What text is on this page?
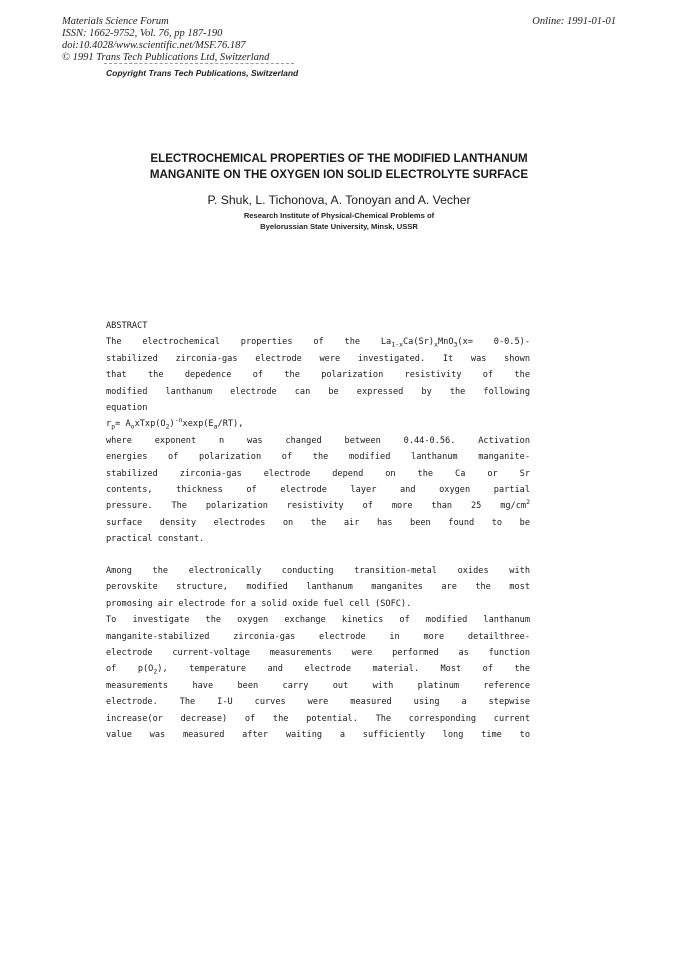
Materials Science Forum
ISSN: 1662-9752, Vol. 76, pp 187-190
doi:10.4028/www.scientific.net/MSF.76.187
© 1991 Trans Tech Publications Ltd, Switzerland
Online: 1991-01-01
Copyright Trans Tech Publications, Switzerland
ELECTROCHEMICAL PROPERTIES OF THE MODIFIED LANTHANUM
MANGANITE ON THE OXYGEN ION SOLID ELECTROLYTE SURFACE
P. Shuk, L. Tichonova, A. Tonoyan and A. Vecher
Research Institute of Physical-Chemical Problems of
Byelorussian State University, Minsk, USSR
ABSTRACT
The electrochemical properties of the $La_{1-x}Ca(Sr)_xMnO_3(x= 0-0.5)-$
stabilized zirconia-gas electrode were investigated. It was shown
that the depedence of the polarization resistivity of the
modified lanthanum electrode can be expressed by the following
equation
$r_p=$ $A_oxTxp(O_2)^{-n}xexp(E_a/RT)$,
where exponent n was changed between 0.44-0.56. Activation
energies of polarization of the modified lanthanum manganite-
stabilized zirconia-gas electrode depend on the Ca or Sr
contents, thickness of electrode layer and oxygen partial
pressure. The polarization resistivity of more than 25 $mg/cm^2$
surface density electrodes on the air has been found to be
practical constant.
Among the electronically conducting transition-metal oxides with
perovskite structure, modified lanthanum manganites are the most
promosing air electrode for a solid oxide fuel cell (SOFC).
To investigate the oxygen exchange kinetics of modified lanthanum
manganite-stabilized zirconia-gas electrode in more detailthree-
electrode current-voltage measurements were performed as function
of $p(O_2)$, temperature and electrode material. Most of the
measurements have been carry out with platinum reference
electrode. The I-U curves were measured using a stepwise
increase(or decrease) of the potential. The corresponding current
value was measured after waiting a sufficiently long time to
